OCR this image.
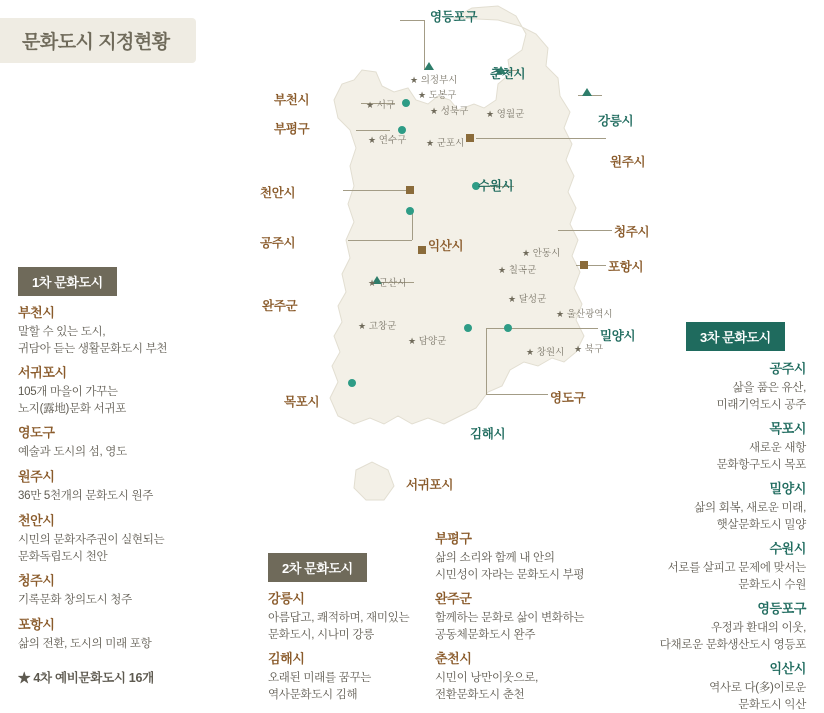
문화도시 지정현황
★ 의정부시
★ 도봉구
★ 성북구
★ 서구
★ 연수구
★ 영월군
★ 군포시
★ 안동시
★ 칠곡군
★ 군산시
★ 달성군
★ 고창군
★ 담양군
★ 창원시 ★ 북구
★ 울산광역시
영등포구
춘천시
부천시
부평구
강릉시
원주시
천안시	수원시
공주시
청주시
익산시
포항시
완주군
밀양시
영도구
김해시
목포시
서귀포시
1차 문화도시
부천시
말할 수 있는 도시,
귀담아 듣는 생활문화도시 부천
서귀포시
105개 마을이 가꾸는
노지(露地)문화 서귀포
영도구
예술과 도시의 섬, 영도
원주시
36만 5천개의 문화도시 원주
천안시
시민의 문화자주권이 실현되는
문화독립도시 천안
청주시
기록문화 창의도시 청주
포항시
삶의 전환, 도시의 미래 포항
★ 4차 예비문화도시 16개
2차 문화도시
강릉시
아름답고, 쾌적하며, 재미있는
문화도시, 시나미 강릉
김해시
오래된 미래를 꿈꾸는
역사문화도시 김해
부평구
삶의 소리와 함께 내 안의
시민성이 자라는 문화도시 부평
완주군
함께하는 문화로 삶이 변화하는
공동체문화도시 완주
춘천시
시민이 낭만이웃으로,
전환문화도시 춘천
3차 문화도시
공주시
삶을 품은 유산,
미래기억도시 공주
목포시
새로운 새항
문화항구도시 목포
밀양시
삶의 회복, 새로운 미래,
햇살문화도시 밀양
수원시
서로를 살피고 문제에 맞서는
문화도시 수원
영등포구
우정과 환대의 이웃,
다채로운 문화생산도시 영등포
익산시
역사로 다(多)이로운
문화도시 익산
